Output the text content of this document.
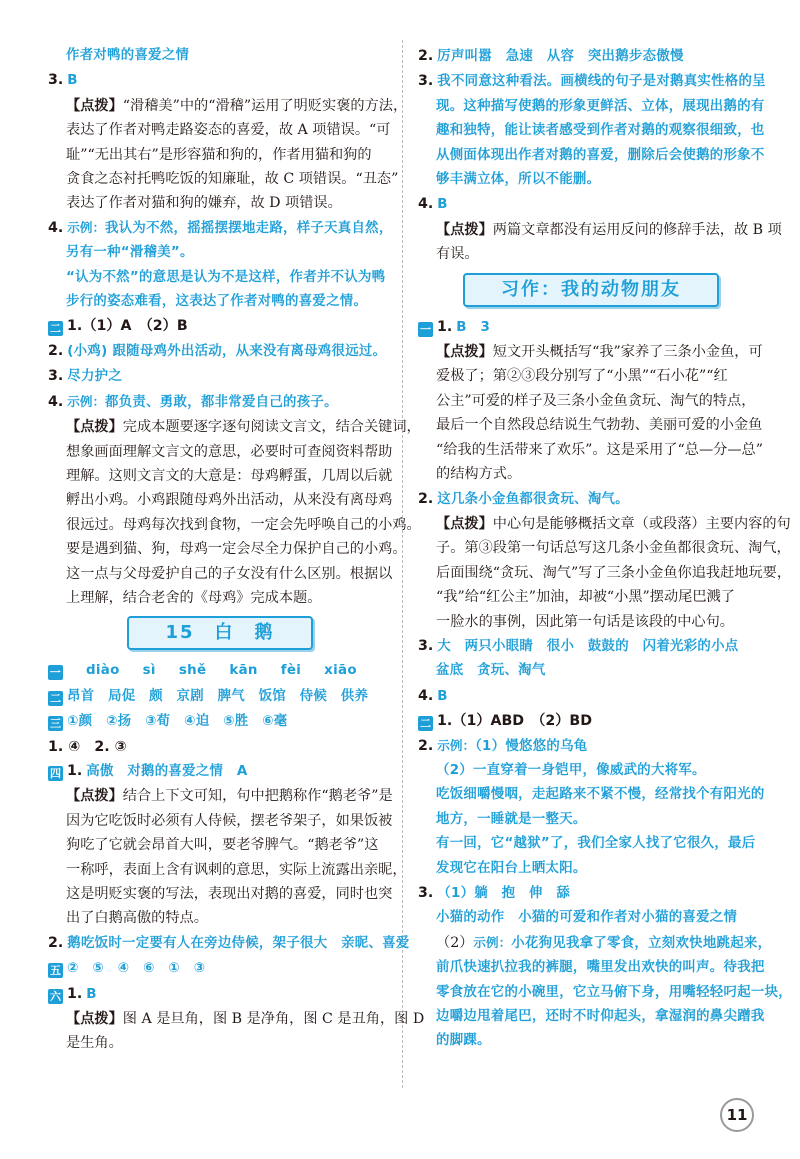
作者对鸭的喜爱之情
3. B
【点拨】“滑稽美”中的“滑稽”运用了明贬实褒的方法，
表达了作者对鸭走路姿态的喜爱，故 A 项错误。“可
耻”“无出其右”是形容猫和狗的，作者用猫和狗的
贪食之态衬托鸭吃饭的知廉耻，故 C 项错误。“丑态”
表达了作者对猫和狗的嫌弃，故 D 项错误。
4. 示例：我认为不然，摇摇摆摆地走路，样子天真自然，
另有一种“滑稽美”。
“认为不然”的意思是认为不是这样，作者并不认为鸭
步行的姿态难看，这表达了作者对鸭的喜爱之情。
二 1.（1）A　（2）B
2. (小鸡) 跟随母鸡外出活动，从来没有离母鸡很远过。
3. 尽力护之
4. 示例：都负责、勇敢，都非常爱自己的孩子。
【点拨】完成本题要逐字逐句阅读文言文，结合关键词，
想象画面理解文言文的意思，必要时可查阅资料帮助
理解。这则文言文的大意是：母鸡孵蛋，几周以后就
孵出小鸡。小鸡跟随母鸡外出活动，从来没有离母鸡
很远过。母鸡每次找到食物，一定会先呼唤自己的小鸡。
要是遇到猫、狗，母鸡一定会尽全力保护自己的小鸡。
这一点与父母爱护自己的子女没有什么区别。根据以
上理解，结合老舍的《母鸡》完成本题。
15　白　鹅
一 diào sì shě kān fèi xiāo
二 昂首　局促　颇　京剧　脾气　饭馆　侍候　供养
三 ①颜　②扬　③荀　④迫　⑤胜　⑥毫
1. ④　2. ③
四 1. 高傲　对鹅的喜爱之情　A
【点拨】结合上下文可知，句中把鹅称作“鹅老爷”是
因为它吃饭时必须有人侍候，摆老爷架子，如果饭被
狗吃了它就会昂首大叫，要老爷脾气。“鹅老爷”这
一称呼，表面上含有讽刺的意思，实际上流露出亲昵，
这是明贬实褒的写法，表现出对鹅的喜爱，同时也突
出了白鹅高傲的特点。
2. 鹅吃饭时一定要有人在旁边侍候，架子很大　亲昵、喜爱
五 ②　⑤　④　⑥　①　③
六 1. B
【点拨】图 A 是旦角，图 B 是净角，图 C 是丑角，图 D
是生角。
2. 厉声叫嚣　急速　从容　突出鹅步态傲慢
3. 我不同意这种看法。画横线的句子是对鹅真实性格的呈
现。这种描写使鹅的形象更鲜活、立体，展现出鹅的有
趣和独特，能让读者感受到作者对鹅的观察很细致，也
从侧面体现出作者对鹅的喜爱，删除后会使鹅的形象不
够丰满立体，所以不能删。
4. B
【点拨】两篇文章都没有运用反问的修辞手法，故 B 项
有误。
习作：我的动物朋友
一 1. B　3
【点拨】短文开头概括写“我”家养了三条小金鱼，可
爱极了；第②③段分别写了“小黑”“石小花”“红
公主”可爱的样子及三条小金鱼贪玩、淘气的特点，
最后一个自然段总结说生气勃勃、美丽可爱的小金鱼
“给我的生活带来了欢乐”。这是采用了“总—分—总”
的结构方式。
2. 这几条小金鱼都很贪玩、淘气。
【点拨】中心句是能够概括文章（或段落）主要内容的句
子。第③段第一句话总写这几条小金鱼都很贪玩、淘气，
后面围绕“贪玩、淘气”写了三条小金鱼你追我赶地玩要，
“我”给“红公主”加油，却被“小黑”摆动尾巴溅了
一脸水的事例，因此第一句话是该段的中心句。
3. 大　两只小眼睛　很小　鼓鼓的　闪着光彩的小点
盆底　贪玩、淘气
4. B
二 1.（1）ABD　（2）BD
2. 示例：（1）慢悠悠的乌龟
（2）一直穿着一身铠甲，像威武的大将军。
吃饭细嚼慢咽，走起路来不紧不慢，经常找个有阳光的
地方，一睡就是一整天。
有一回，它“越狱”了，我们全家人找了它很久，最后
发现它在阳台上晒太阳。
3. （1）躺　抱　伸　舔
小猫的动作　小猫的可爱和作者对小猫的喜爱之情
（2）示例：小花狗见我拿了零食，立刻欢快地跳起来，
前爪快速扒拉我的裤腿，嘴里发出欢快的叫声。待我把
零食放在它的小碗里，它立马俯下身，用嘴轻轻叼起一块，
边嚼边甩着尾巴，还时不时仰起头，拿湿润的鼻尖蹭我
的脚踝。
11
